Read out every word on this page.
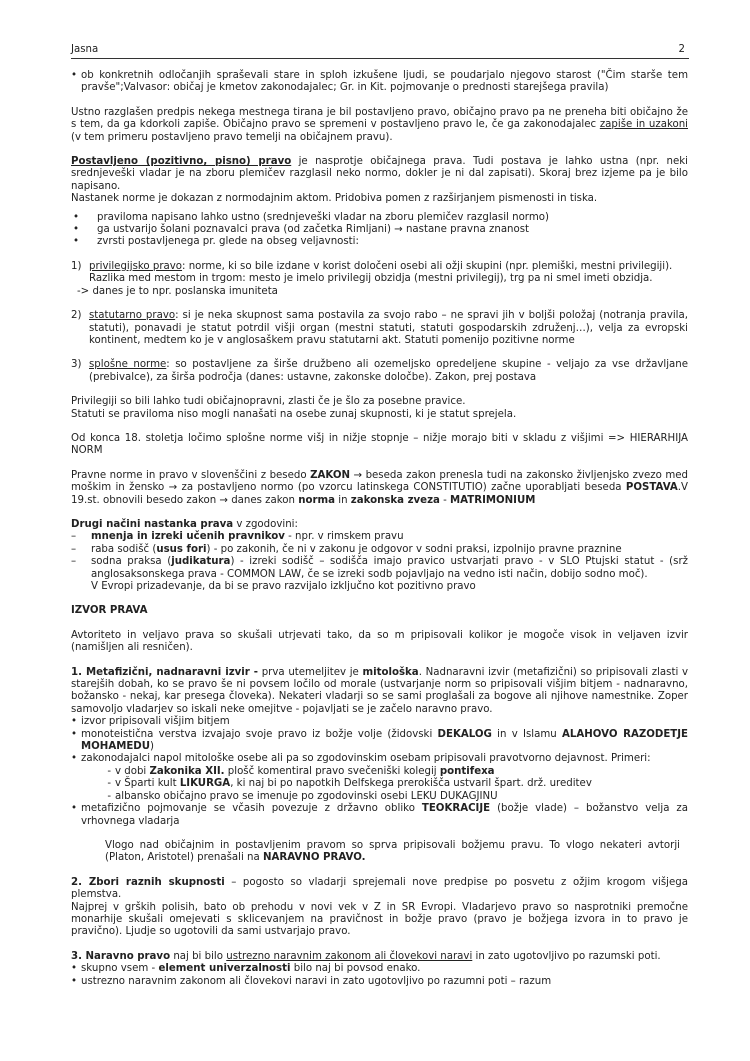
Jasna	2
• ob konkretnih odločanjih spraševali stare in sploh izkušene ljudi, se poudarjalo njegovo starost ("Čim starše tem pravše";Valvasor: običaj je kmetov zakonodajalec; Gr. in Kit. pojmovanje o prednosti starejšega pravila)

Ustno razglašen predpis nekega mestnega tirana je bil postavljeno pravo, običajno pravo pa ne preneha biti običajno že s tem, da ga kdorkoli zapiše. Običajno pravo se spremeni v postavljeno pravo le, če ga zakonodajalec zapiše in uzakoni (v tem primeru postavljeno pravo temelji na običajnem pravu).

Postavljeno (pozitivno, pisno) pravo je nasprotje običajnega prava. Tudi postava je lahko ustna (npr. neki srednjeveški vladar je na zboru plemičev razglasil neko normo, dokler je ni dal zapisati). Skoraj brez izjeme pa je bilo napisano.

Nastanek norme je dokazan z normodajnim aktom. Pridobiva pomen z razširjanjem pismenosti in tiska.

•	praviloma napisano lahko ustno (srednjeveški vladar na zboru plemičev razglasil normo)
•	ga ustvarijo šolani poznavalci prava (od začetka Rimljani) → nastane pravna znanost
•	zvrsti postavljenega pr. glede na obseg veljavnosti:
1) privilegijsko pravo: norme, ki so bile izdane v korist določeni osebi ali ožji skupini (npr. plemiški, mestni privilegiji).

Razlika med mestom in trgom: mesto je imelo privilegij obzidja (mestni privilegij), trg pa ni smel imeti obzidja.

-> danes je to npr. poslanska imuniteta

2) statutarno pravo: si je neka skupnost sama postavila za svojo rabo – ne spravi jih v boljši položaj (notranja pravila, statuti), ponavadi je statut potrdil višji organ (mestni statuti, statuti gospodarskih združenj…), velja za evropski kontinent, medtem ko je v anglosaškem pravu statutarni akt. Statuti pomenijo pozitivne norme
3) splošne norme: so postavljene za širše družbeno ali ozemeljsko opredeljene skupine - veljajo za vse državljane (prebivalce), za širša področja (danes: ustavne, zakonske določbe). Zakon, prej postava

Privilegiji so bili lahko tudi običajnopravni, zlasti če je šlo za posebne pravice.

Statuti se praviloma niso mogli nanašati na osebe zunaj skupnosti, ki je statut sprejela.

Od konca 18. stoletja ločimo splošne norme višj in nižje stopnje – nižje morajo biti v skladu z višjimi => HIERARHIJA NORM

Pravne norme in pravo v slovenščini z besedo ZAKON → beseda zakon prenesla tudi na zakonsko življenjsko zvezo med moškim in žensko → za postavljeno normo (po vzorcu latinskega CONSTITUTIO) začne uporabljati beseda POSTAVA.V 19.st. obnovili besedo zakon → danes zakon norma in zakonska zveza - MATRIMONIUM

Drugi načini nastanka prava v zgodovini:

–	mnenja in izreki učenih pravnikov - npr. v rimskem pravu
–	raba sodišč (usus fori) - po zakonih, če ni v zakonu je odgovor v sodni praksi, izpolnijo pravne praznine
–	sodna praksa (judikatura) - izreki sodišč – sodišča imajo pravico ustvarjati pravo - v SLO Ptujski statut - (srž anglosaksonskega prava - COMMON LAW, če se izreki sodb pojavljajo na vedno isti način, dobijo sodno moč).

V Evropi prizadevanje, da bi se pravo razvijalo izključno kot pozitivno pravo

IZVOR PRAVA

Avtoriteto in veljavo prava so skušali utrjevati tako, da so m pripisovali kolikor je mogoče visok in veljaven izvir (namišljen ali resničen).

1. Metafizični, nadnaravni izvir - prva utemeljitev je mitološka. Nadnaravni izvir (metafizični) so pripisovali zlasti v starejših dobah, ko se pravo še ni povsem ločilo od morale (ustvarjanje norm so pripisovali višjim bitjem - nadnaravno, božansko - nekaj, kar presega človeka). Nekateri vladarji so se sami proglašali za bogove ali njihove namestnike. Zoper samovoljo vladarjev so iskali neke omejitve - pojavljati se je začelo naravno pravo.

• izvor pripisovali višjim bitjem
• monoteistična verstva izvajajo svoje pravo iz božje volje (židovski DEKALOG in v Islamu ALAHOVO RAZODETJE MOHAMEDU)
• zakonodajalci napol mitološke osebe ali pa so zgodovinskim osebam pripisovali pravotvorno dejavnost. Primeri:
- v dobi Zakonika XII. plošč komentiral pravo svečeniški kolegij pontifexa
- v Šparti kult LIKURGA, ki naj bi po napotkih Delfskega prerokišča ustvaril špart. drž. ureditev
- albansko običajno pravo se imenuje po zgodovinski osebi LEKU DUKAGJINU
• metafizično pojmovanje se včasih povezuje z državno obliko TEOKRACIJE (božje vlade) – božanstvo velja za vrhovnega vladarja

Vlogo nad običajnim in postavljenim pravom so sprva pripisovali božjemu pravu. To vlogo nekateri avtorji (Platon, Aristotel) prenašali na NARAVNO PRAVO.

2. Zbori raznih skupnosti – pogosto so vladarji sprejemali nove predpise po posvetu z ožjim krogom višjega plemstva.

Najprej v grških polisih, bato ob prehodu v novi vek v Z in SR Evropi. Vladarjevo pravo so nasprotniki premočne monarhije skušali omejevati s sklicevanjem na pravičnost in božje pravo (pravo je božjega izvora in to pravo je pravično). Ljudje so ugotovili da sami ustvarjajo pravo.

3. Naravno pravo naj bi bilo ustrezno naravnim zakonom ali človekovi naravi in zato ugotovljivo po razumski poti.

• skupno vsem - element univerzalnosti bilo naj bi povsod enako.
• ustrezno naravnim zakonom ali človekovi naravi in zato ugotovljivo po razumni poti – razum
